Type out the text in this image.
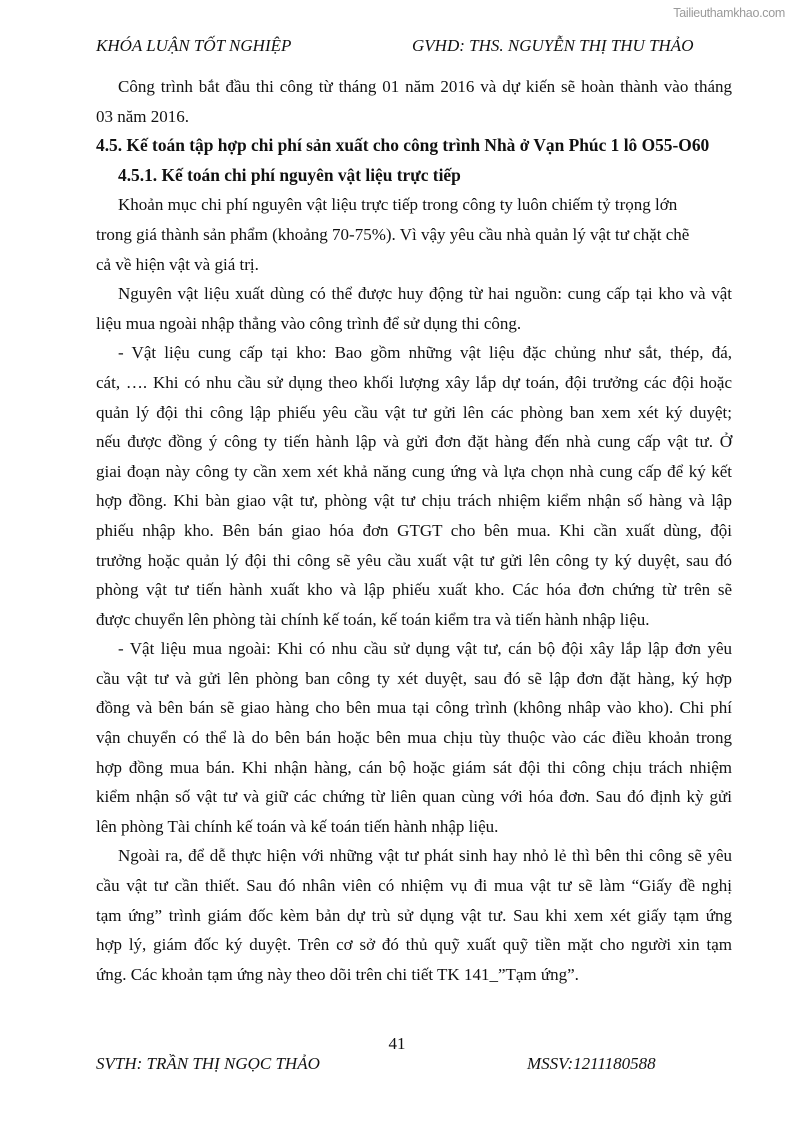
Tailieuthamkhao.com
KHÓA LUẬN TỐT NGHIỆP	GVHD: THS. NGUYỄN THỊ THU THẢO
Công trình bắt đầu thi công từ tháng 01 năm 2016 và dự kiến sẽ hoàn thành vào tháng
03 năm 2016.
4.5. Kế toán tập hợp chi phí sản xuất cho công trình Nhà ở Vạn Phúc 1 lô O55-O60
4.5.1. Kế toán chi phí nguyên vật liệu trực tiếp
Khoản mục chi phí nguyên vật liệu trực tiếp trong công ty luôn chiếm tỷ trọng lớn
trong giá thành sản phẩm (khoảng 70-75%). Vì vậy yêu cầu nhà quản lý vật tư chặt chẽ
cả về hiện vật và giá trị.
Nguyên vật liệu xuất dùng có thể được huy động từ hai nguồn: cung cấp tại kho và vật
liệu mua ngoài nhập thẳng vào công trình để sử dụng thi công.
- Vật liệu cung cấp tại kho: Bao gồm những vật liệu đặc chủng như sắt, thép, đá,
cát, …. Khi có nhu cầu sử dụng theo khối lượng xây lắp dự toán, đội trưởng các đội hoặc
quản lý đội thi công lập phiếu yêu cầu vật tư gửi lên các phòng ban xem xét ký duyệt;
nếu được đồng ý công ty tiến hành lập và gửi đơn đặt hàng đến nhà cung cấp vật tư. Ở
giai đoạn này công ty cần xem xét khả năng cung ứng và lựa chọn nhà cung cấp để ký kết
hợp đồng. Khi bàn giao vật tư, phòng vật tư chịu trách nhiệm kiểm nhận số hàng và lập
phiếu nhập kho. Bên bán giao hóa đơn GTGT cho bên mua. Khi cần xuất dùng, đội
trưởng hoặc quản lý đội thi công sẽ yêu cầu xuất vật tư gửi lên công ty ký duyệt, sau đó
phòng vật tư tiến hành xuất kho và lập phiếu xuất kho. Các hóa đơn chứng từ trên sẽ
được chuyển lên phòng tài chính kế toán, kế toán kiểm tra và tiến hành nhập liệu.
- Vật liệu mua ngoài: Khi có nhu cầu sử dụng vật tư, cán bộ đội xây lắp lập đơn yêu
cầu vật tư và gửi lên phòng ban công ty xét duyệt, sau đó sẽ lập đơn đặt hàng, ký hợp
đồng và bên bán sẽ giao hàng cho bên mua tại công trình (không nhâp vào kho). Chi phí
vận chuyển có thể là do bên bán hoặc bên mua chịu tùy thuộc vào các điều khoản trong
hợp đồng mua bán. Khi nhận hàng, cán bộ hoặc giám sát đội thi công chịu trách nhiệm
kiểm nhận số vật tư và giữ các chứng từ liên quan cùng với hóa đơn. Sau đó định kỳ gửi
lên phòng Tài chính kế toán và kế toán tiến hành nhập liệu.
Ngoài ra, để dễ thực hiện với những vật tư phát sinh hay nhỏ lẻ thì bên thi công sẽ yêu
cầu vật tư cần thiết. Sau đó nhân viên có nhiệm vụ đi mua vật tư sẽ làm “Giấy đề nghị
tạm ứng” trình giám đốc kèm bản dự trù sử dụng vật tư. Sau khi xem xét giấy tạm ứng
hợp lý, giám đốc ký duyệt. Trên cơ sở đó thủ quỹ xuất quỹ tiền mặt cho người xin tạm
ứng. Các khoản tạm ứng này theo dõi trên chi tiết TK 141_”Tạm ứng”.
41
SVTH: TRẦN THỊ NGỌC THẢO	MSSV:1211180588
